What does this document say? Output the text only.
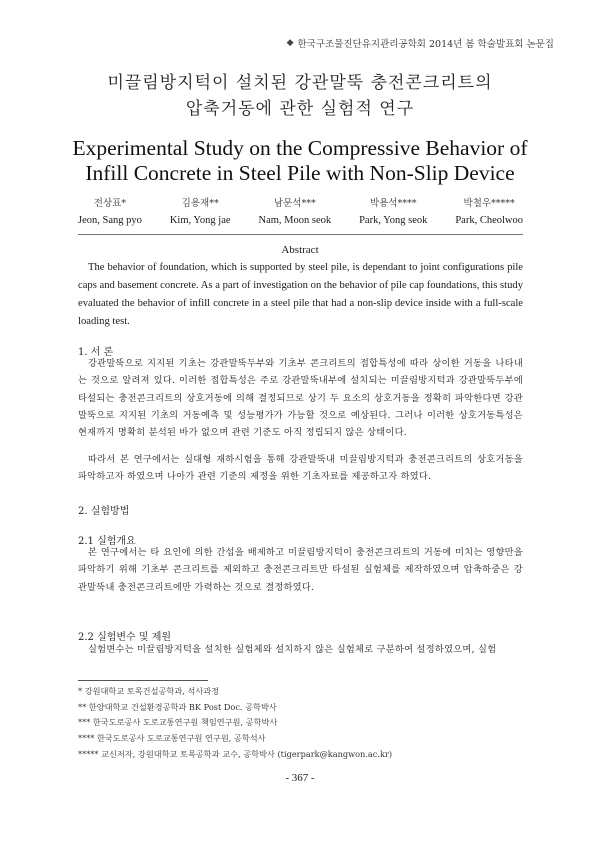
◆ 한국구조물진단유지관리공학회 2014년 봄 학술발표회 논문집
미끌림방지턱이 설치된 강관말뚝 충전콘크리트의
압축거동에 관한 실험적 연구
Experimental Study on the Compressive Behavior of
Infill Concrete in Steel Pile with Non-Slip Device
전상표*
Jeon, Sang pyo
김용재**
Kim, Yong jae
남문석***
Nam, Moon seok
박용석****
Park, Yong seok
박철우*****
Park, Cheolwoo
Abstract

The behavior of foundation, which is supported by steel pile, is dependant to joint configurations pile caps and basement concrete. As a part of investigation on the behavior of pile cap foundations, this study evaluated the behavior of infill concrete in a steel pile that had a non-slip device inside with a full-scale loading test.

1. 서 론

강관말뚝으로 지지된 기초는 강관말뚝두부와 기초부 콘크리트의 접합특성에 따라 상이한 거동을 나타내는 것으로 알려져 있다. 이러한 접합특성은 주로 강관말뚝내부에 설치되는 미끌림방지턱과 강관말뚝두부에 타설되는 충전콘크리트의 상호거동에 의해 결정되므로 상기 두 요소의 상호거동을 정확히 파악한다면 강관말뚝으로 지지된 기초의 거동예측 및 성능평가가 가능할 것으로 예상된다. 그러나 이러한 상호거동특성은 현재까지 명확히 분석된 바가 없으며 관련 기준도 아직 정립되지 않은 상태이다.

따라서 본 연구에서는 실대형 재하시험을 통해 강관말뚝내 미끌림방지턱과 충전콘크리트의 상호거동을 파악하고자 하였으며 나아가 관련 기준의 제정을 위한 기초자료를 제공하고자 하였다.

2. 실험방법
2.1 실험개요

본 연구에서는 타 요인에 의한 간섭을 배제하고 미끌림방지턱이 충전콘크리트의 거동에 미치는 영향만을 파악하기 위해 기초부 콘크리트를 제외하고 충전콘크리트만 타설된 실험체를 제작하였으며 압축하중은 강관말뚝내 충전콘크리트에만 가력하는 것으로 결정하였다.

2.2 실험변수 및 제원

실험변수는 미끌림방지턱을 설치한 실험체와 설치하지 않은 실험체로 구분하여 설정하였으며, 실험

* 강원대학교 토목건설공학과, 석사과정
** 한양대학교 건설환경공학과 BK Post Doc. 공학박사
*** 한국도로공사 도로교통연구원 책임연구원, 공학박사
**** 한국도로공사 도로교통연구원 연구원, 공학석사
***** 교신저자, 강원대학교 토목공학과 교수, 공학박사 (tigerpark@kangwon.ac.kr)
- 367 -
